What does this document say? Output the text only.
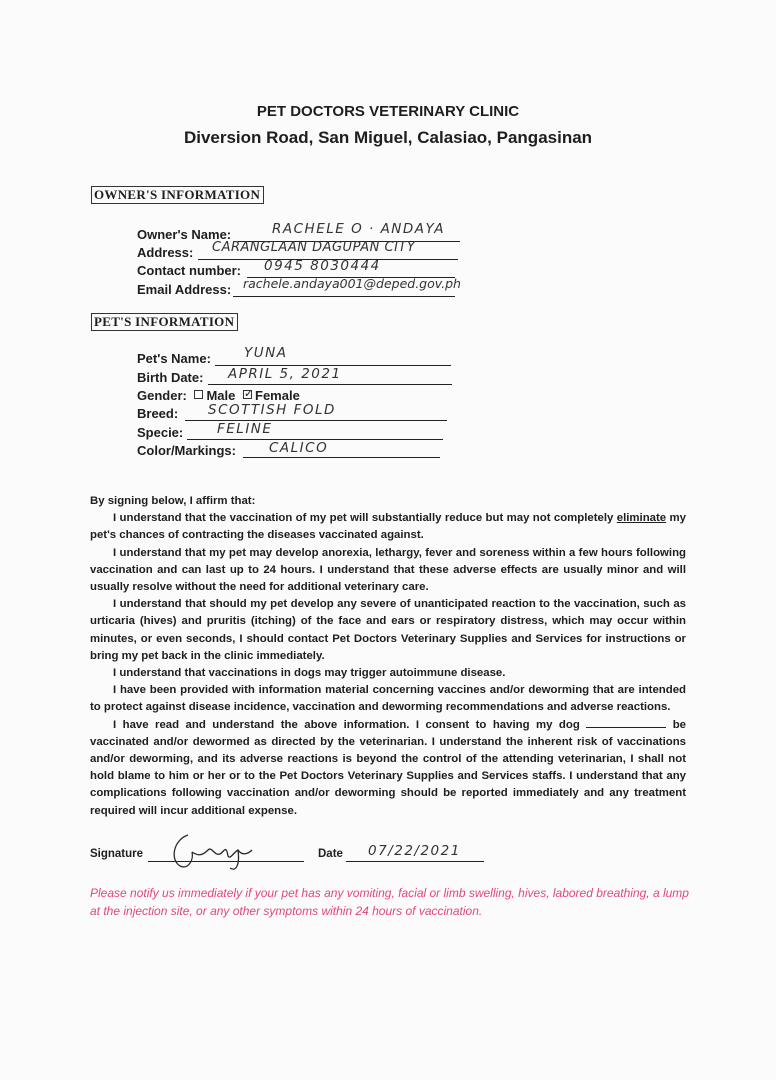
PET DOCTORS VETERINARY CLINIC
Diversion Road, San Miguel, Calasiao, Pangasinan
OWNER'S INFORMATION
Owner's Name:	RACHELE O · ANDAYA
Address: CARANGLAAN DAGUPAN CITY
Contact number: 0945 8030444
Email Address: rachele.andaya001@deped.gov.ph
PET'S INFORMATION
Pet's Name: YUNA
Birth Date: APRIL 5, 2021
Gender: Male ✓ Female
Breed: SCOTTISH FOLD
Specie:	FELINE
Color/Markings: CALICO

By signing below, I affirm that:

I understand that the vaccination of my pet will substantially reduce but may not completely eliminate my pet's chances of contracting the diseases vaccinated against.

I understand that my pet may develop anorexia, lethargy, fever and soreness within a few hours following vaccination and can last up to 24 hours. I understand that these adverse effects are usually minor and will usually resolve without the need for additional veterinary care.

I understand that should my pet develop any severe of unanticipated reaction to the vaccination, such as urticaria (hives) and pruritis (itching) of the face and ears or respiratory distress, which may occur within minutes, or even seconds, I should contact Pet Doctors Veterinary Supplies and Services for instructions or bring my pet back in the clinic immediately.

I understand that vaccinations in dogs may trigger autoimmune disease.

I have been provided with information material concerning vaccines and/or deworming that are intended to protect against disease incidence, vaccination and deworming recommendations and adverse reactions.

I have read and understand the above information. I consent to having my dog	be vaccinated and/or dewormed as directed by the veterinarian. I understand the inherent risk of vaccinations and/or deworming, and its adverse reactions is beyond the control of the attending veterinarian, I shall not hold blame to him or her or to the Pet Doctors Veterinary Supplies and Services staffs. I understand that any complications following vaccination and/or deworming should be reported immediately and any treatment required will incur additional expense.

Signature	Date 07/22/2021
Please notify us immediately if your pet has any vomiting, facial or limb swelling, hives, labored breathing, a lump at the injection site, or any other symptoms within 24 hours of vaccination.
